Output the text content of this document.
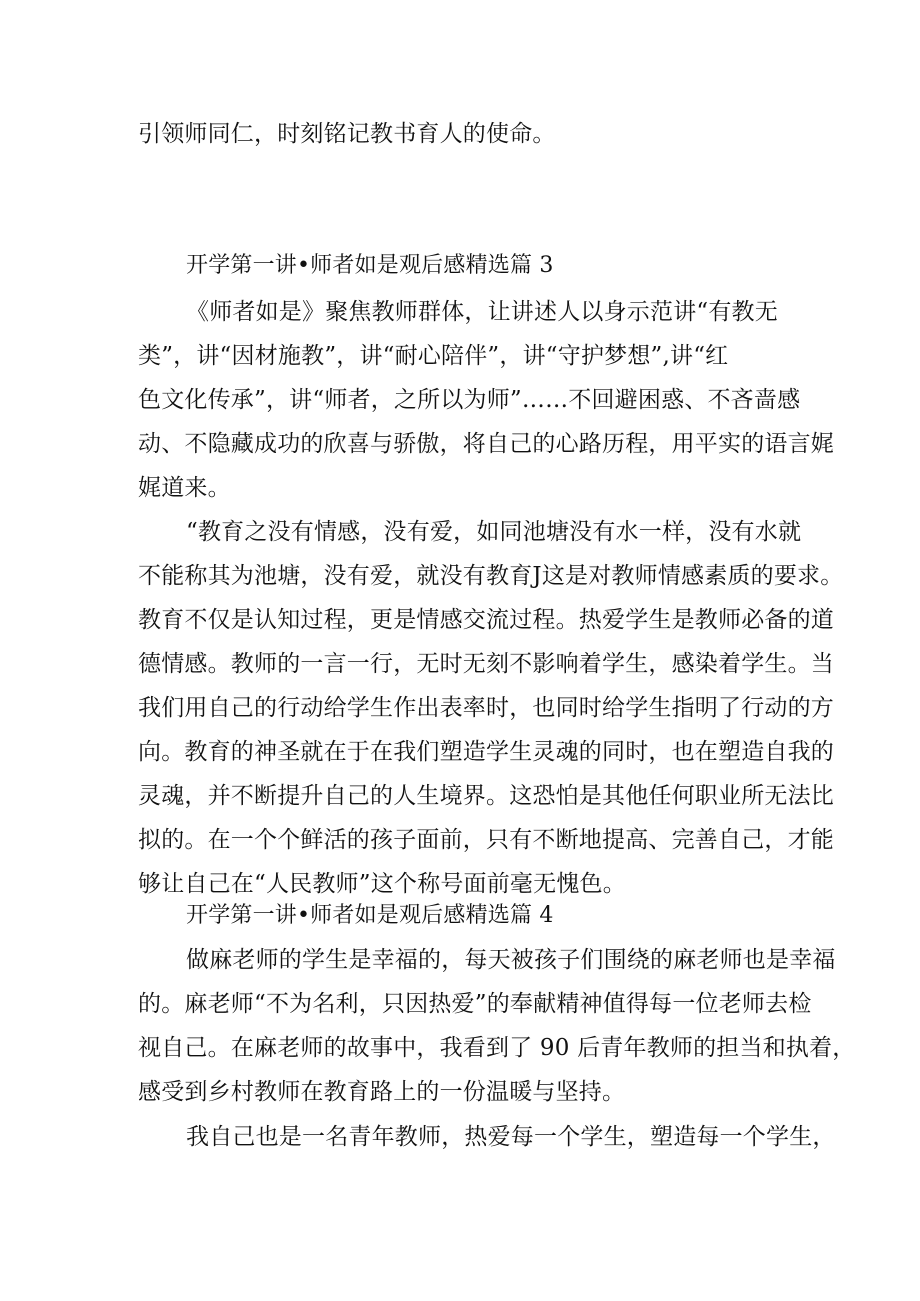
引领师同仁，时刻铭记教书育人的使命。
开学第一讲•师者如是观后感精选篇 3
《师者如是》聚焦教师群体，让讲述人以身示范讲“有教无
类”，讲“因材施教”，讲“耐心陪伴”，讲“守护梦想”,讲“红
色文化传承”，讲“师者，之所以为师”……不回避困惑、不吝啬感
动、不隐藏成功的欣喜与骄傲，将自己的心路历程，用平实的语言娓
娓道来。
“教育之没有情感，没有爱，如同池塘没有水一样，没有水就
不能称其为池塘，没有爱，就没有教育J这是对教师情感素质的要求。
教育不仅是认知过程，更是情感交流过程。热爱学生是教师必备的道
德情感。教师的一言一行，无时无刻不影响着学生，感染着学生。当
我们用自己的行动给学生作出表率时，也同时给学生指明了行动的方
向。教育的神圣就在于在我们塑造学生灵魂的同时，也在塑造自我的
灵魂，并不断提升自己的人生境界。这恐怕是其他任何职业所无法比
拟的。在一个个鲜活的孩子面前，只有不断地提高、完善自己，才能
够让自己在“人民教师”这个称号面前毫无愧色。
开学第一讲•师者如是观后感精选篇 4
做麻老师的学生是幸福的，每天被孩子们围绕的麻老师也是幸福
的。麻老师“不为名利，只因热爱”的奉献精神值得每一位老师去检
视自己。在麻老师的故事中，我看到了 90 后青年教师的担当和执着，
感受到乡村教师在教育路上的一份温暖与坚持。
我自己也是一名青年教师，热爱每一个学生，塑造每一个学生，
